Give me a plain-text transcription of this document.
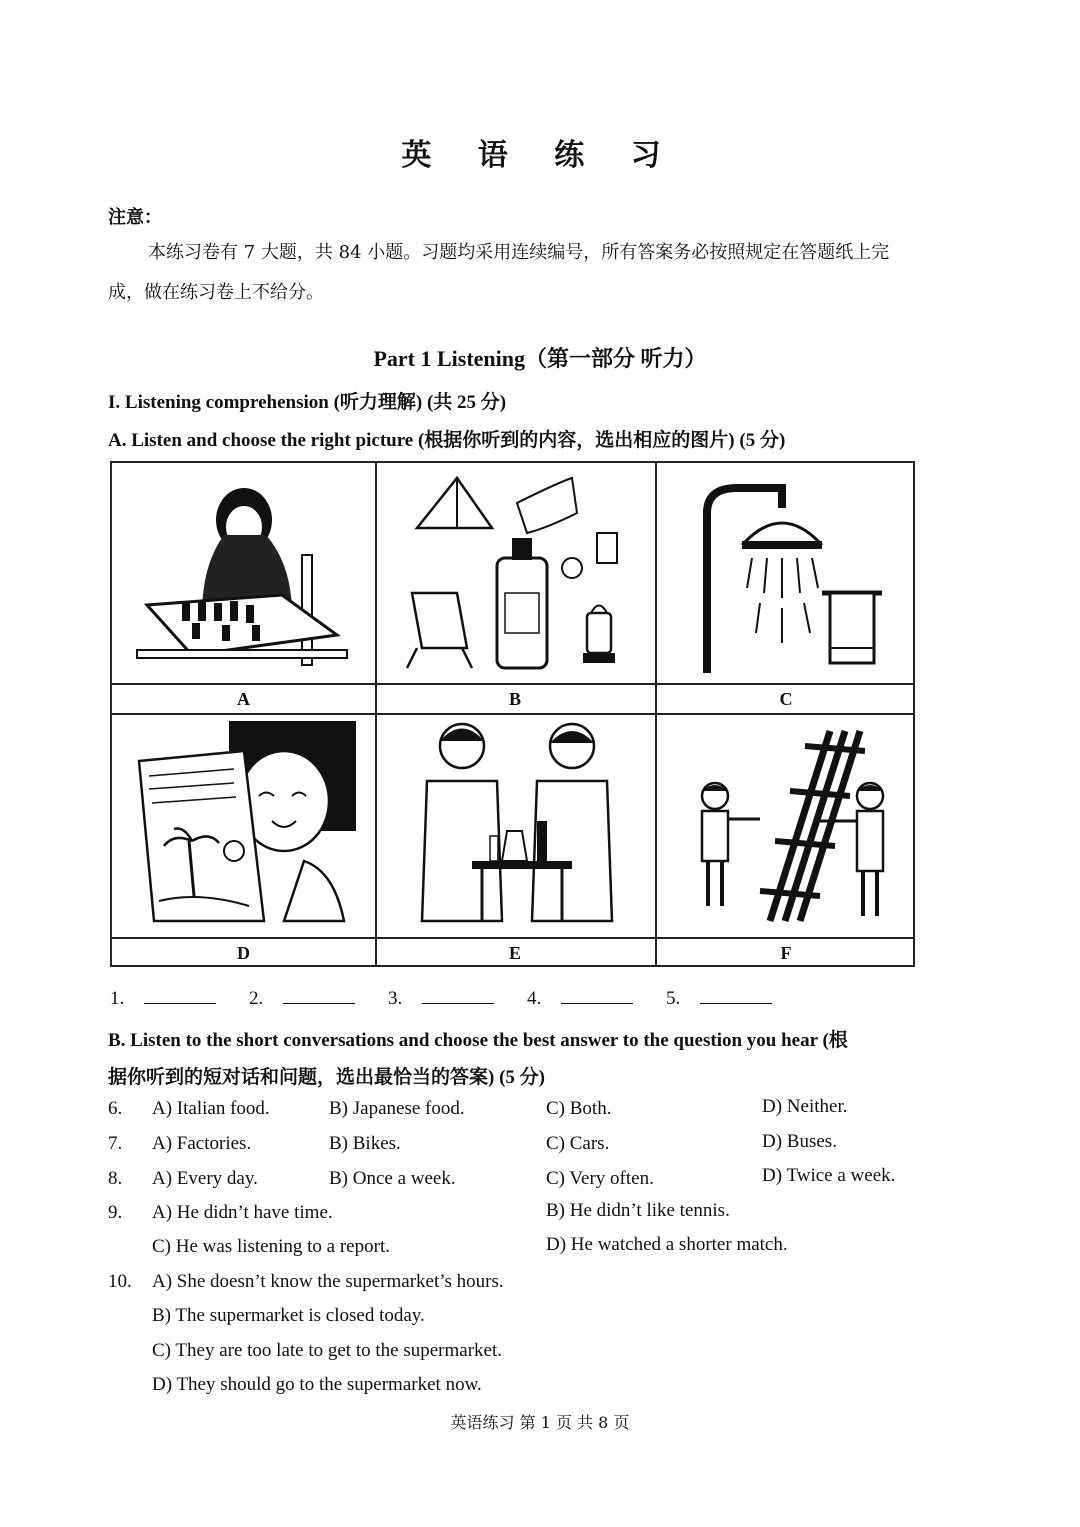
英 语 练 习
注意：
本练习卷有 7 大题，共 84 小题。习题均采用连续编号，所有答案务必按照规定在答题纸上完成，做在练习卷上不给分。
Part 1 Listening（第一部分 听力）
I. Listening comprehension (听力理解) (共 25 分)
A. Listen and choose the right picture (根据你听到的内容，选出相应的图片) (5 分)
A	B	C
D	E	F
1.	2.	3.	4.	5.
B. Listen to the short conversations and choose the best answer to the question you hear (根
据你听到的短对话和问题，选出最恰当的答案) (5 分)
6. A) Italian food.	B) Japanese food.	C) Both.	D) Neither.
7. A) Factories.	B) Bikes.	C) Cars.	D) Buses.
8. A) Every day.	B) Once a week.	C) Very often.	D) Twice a week.
9. A) He didn’t have time.	B) He didn’t like tennis.
C) He was listening to a report.	D) He watched a shorter match.
10. A) She doesn’t know the supermarket’s hours.
B) The supermarket is closed today.
C) They are too late to get to the supermarket.
D) They should go to the supermarket now.
英语练习 第 1 页 共 8 页
